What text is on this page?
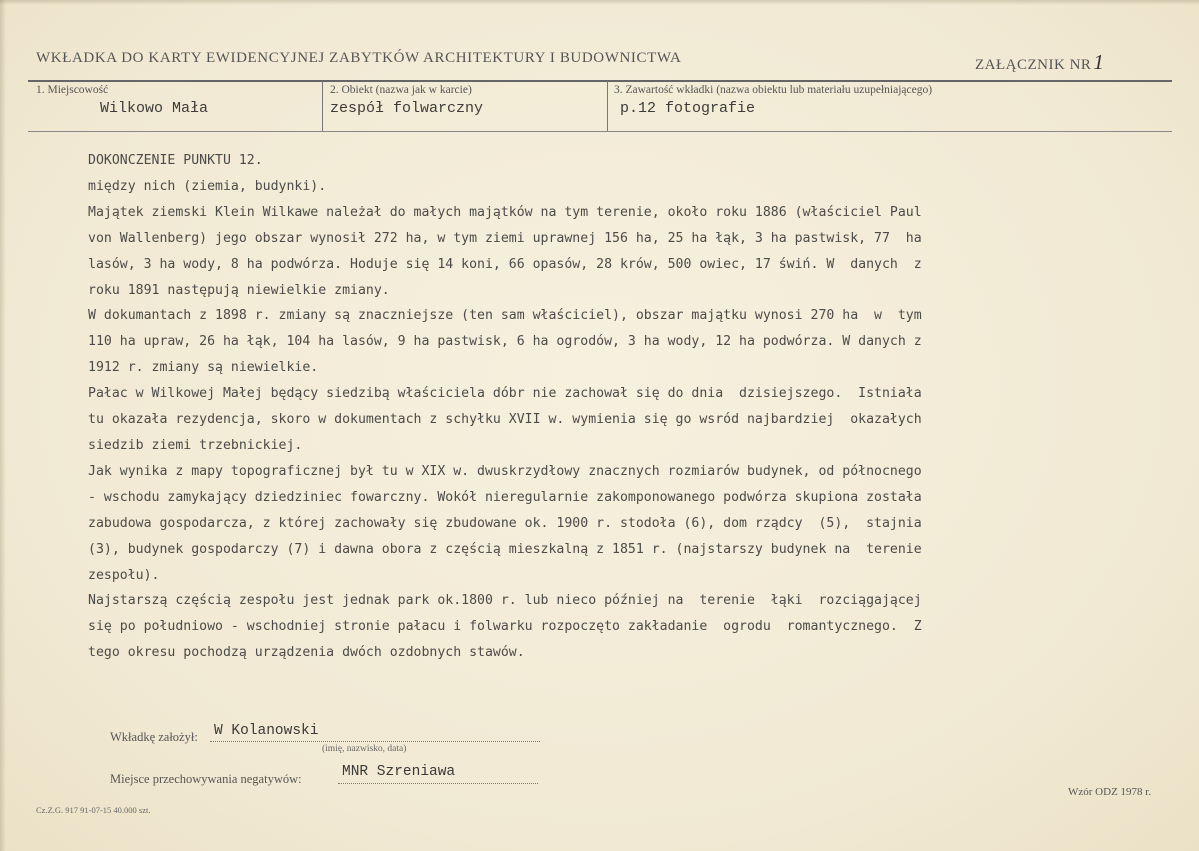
WKŁADKA DO KARTY EWIDENCYJNEJ ZABYTKÓW ARCHITEKTURY I BUDOWNICTWA	ZAŁĄCZNIK NR1
1. Miejscowość
Wilkowo Mała
2. Obiekt (nazwa jak w karcie)
zespół folwarczny
3. Zawartość wkładki (nazwa obiektu lub materiału uzupełniającego)
p.12 fotografie
DOKONCZENIE PUNKTU 12.
między nich (ziemia, budynki).
Majątek ziemski Klein Wilkawe należał do małych majątków na tym terenie, około roku 1886 (właściciel Paul
von Wallenberg) jego obszar wynosił 272 ha, w tym ziemi uprawnej 156 ha, 25 ha łąk, 3 ha pastwisk, 77  ha
lasów, 3 ha wody, 8 ha podwórza. Hoduje się 14 koni, 66 opasów, 28 krów, 500 owiec, 17 świń. W  danych  z
roku 1891 następują niewielkie zmiany.
W dokumantach z 1898 r. zmiany są znaczniejsze (ten sam właściciel), obszar majątku wynosi 270 ha  w  tym
110 ha upraw, 26 ha łąk, 104 ha lasów, 9 ha pastwisk, 6 ha ogrodów, 3 ha wody, 12 ha podwórza. W danych z
1912 r. zmiany są niewielkie.
Pałac w Wilkowej Małej będący siedzibą właściciela dóbr nie zachował się do dnia  dzisiejszego.  Istniała
tu okazała rezydencja, skoro w dokumentach z schyłku XVII w. wymienia się go wsród najbardziej  okazałych
siedzib ziemi trzebnickiej.
Jak wynika z mapy topograficznej był tu w XIX w. dwuskrzydłowy znacznych rozmiarów budynek, od północnego
- wschodu zamykający dziedziniec fowarczny. Wokół nieregularnie zakomponowanego podwórza skupiona została
zabudowa gospodarcza, z której zachowały się zbudowane ok. 1900 r. stodoła (6), dom rządcy  (5),  stajnia
(3), budynek gospodarczy (7) i dawna obora z częścią mieszkalną z 1851 r. (najstarszy budynek na  terenie
zespołu).
Najstarszą częścią zespołu jest jednak park ok.1800 r. lub nieco później na  terenie  łąki  rozciągającej
się po południowo - wschodniej stronie pałacu i folwarku rozpoczęto zakładanie  ogrodu  romantycznego.  Z
tego okresu pochodzą urządzenia dwóch ozdobnych stawów.
Wkładkę założył: W Kolanowski
(imię, nazwisko, data)
Miejsce przechowywania negatywów:	MNR Szreniawa
Cz.Z.G. 917 91-07-15 40.000 szt.
Wzór ODZ 1978 r.
